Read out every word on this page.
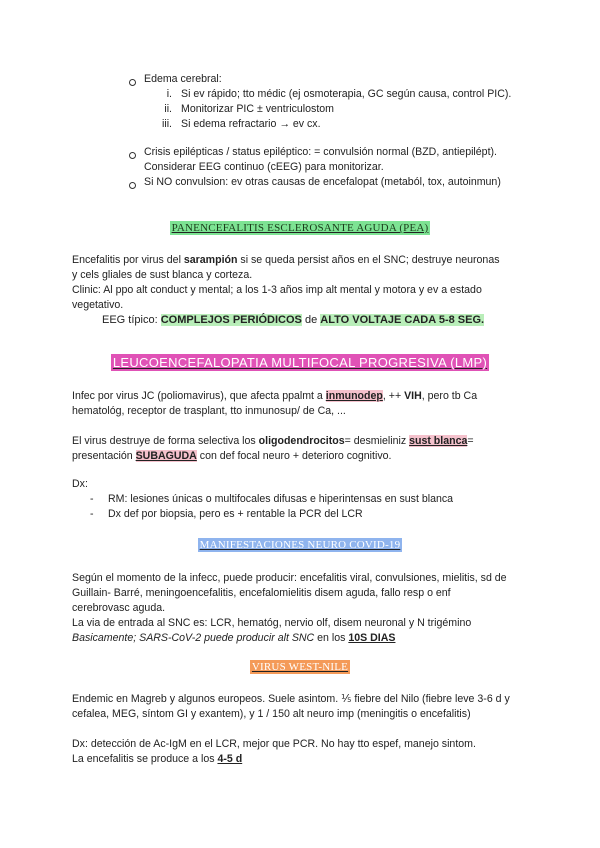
Edema cerebral:
i. Si ev rápido; tto médic (ej osmoterapia, GC según causa, control PIC).
ii. Monitorizar PIC ± ventriculostom
iii. Si edema refractario → ev cx.
Crisis epilépticas / status epiléptico: = convulsión normal (BZD, antiepilépt).
Considerar EEG continuo (cEEG) para monitorizar.
Si NO convulsion: ev otras causas de encefalopat (metaból, tox, autoinmun)
PANENCEFALITIS ESCLEROSANTE AGUDA (PEA)
Encefalitis por virus del sarampión si se queda persist años en el SNC; destruye neuronas
y cels gliales de sust blanca y corteza.
Clinic: Al ppo alt conduct y mental; a los 1-3 años imp alt mental y motora y ev a estado
vegetativo.
EEG típico: COMPLEJOS PERIÓDICOS de ALTO VOLTAJE CADA 5-8 SEG.
LEUCOENCEFALOPATIA MULTIFOCAL PROGRESIVA (LMP)
Infec por virus JC (poliomavirus), que afecta ppalmt a inmunodep, ++ VIH, pero tb Ca
hematológ, receptor de trasplant, tto inmunosup/ de Ca, ...
El virus destruye de forma selectiva los oligodendrocitos= desmieliniz sust blanca=
presentación SUBAGUDA con def focal neuro + deterioro cognitivo.
Dx:
- RM: lesiones únicas o multifocales difusas e hiperintensas en sust blanca
- Dx def por biopsia, pero es + rentable la PCR del LCR
MANIFESTACIONES NEURO COVID-19
Según el momento de la infecc, puede producir: encefalitis viral, convulsiones, mielitis, sd de
Guillain- Barré, meningoencefalitis, encefalomielitis disem aguda, fallo resp o enf
cerebrovasc aguda.
La via de entrada al SNC es: LCR, hematóg, nervio olf, disem neuronal y N trigémino
Basicamente; SARS-CoV-2 puede producir alt SNC en los 10S DIAS
VIRUS WEST-NILE
Endemic en Magreb y algunos europeos. Suele asintom. ⅕ fiebre del Nilo (fiebre leve 3-6 d y
cefalea, MEG, síntom GI y exantem), y 1 / 150 alt neuro imp (meningitis o encefalitis)
Dx: detección de Ac-IgM en el LCR, mejor que PCR. No hay tto espef, manejo sintom.
La encefalitis se produce a los 4-5 d
